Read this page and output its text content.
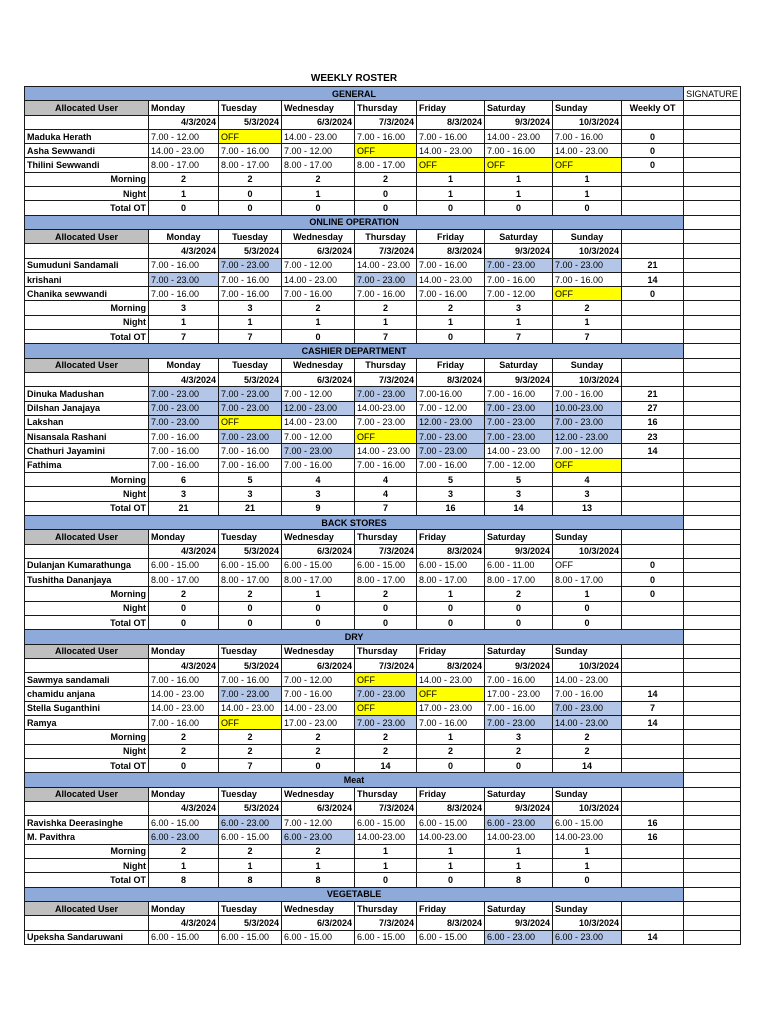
WEEKLY ROSTER
GENERAL									SIGNATURE
Allocated User	Monday	Tuesday	Wednesday	Thursday	Friday	Saturday	Sunday	Weekly OT	
	4/3/2024	5/3/2024	6/3/2024	7/3/2024	8/3/2024	9/3/2024	10/3/2024		
Maduka Herath	7.00 - 12.00	OFF	14.00 - 23.00	7.00 - 16.00	7.00 - 16.00	14.00 - 23.00	7.00 - 16.00	0	
Asha Sewwandi	14.00 - 23.00	7.00 - 16.00	7.00 - 12.00	OFF	14.00 - 23.00	7.00 - 16.00	14.00 - 23.00	0	
Thilini Sewwandi	8.00 - 17.00	8.00 - 17.00	8.00 - 17.00	8.00 - 17.00	OFF	OFF	OFF	0	
Morning	2	2	2	2	1	1	1		
Night	1	0	1	0	1	1	1		
Total OT	0	0	0	0	0	0	0		
ONLINE OPERATION									
Allocated User	Monday	Tuesday	Wednesday	Thursday	Friday	Saturday	Sunday		
	4/3/2024	5/3/2024	6/3/2024	7/3/2024	8/3/2024	9/3/2024	10/3/2024		
Sumuduni Sandamali	7.00 - 16.00	7.00 - 23.00	7.00 - 12.00	14.00 - 23.00	7.00 - 16.00	7.00 - 23.00	7.00 - 23.00	21	
krishani	7.00 - 23.00	7.00 - 16.00	14.00 - 23.00	7.00 - 23.00	14.00 - 23.00	7.00 - 16.00	7.00 - 16.00	14	
Chanika sewwandi	7.00 - 16.00	7.00 - 16.00	7.00 - 16.00	7.00 - 16.00	7.00 - 16.00	7.00 - 12.00	OFF	0	
Morning	3	3	2	2	2	3	2		
Night	1	1	1	1	1	1	1		
Total OT	7	7	0	7	0	7	7		
CASHIER DEPARTMENT									
Allocated User	Monday	Tuesday	Wednesday	Thursday	Friday	Saturday	Sunday		
	4/3/2024	5/3/2024	6/3/2024	7/3/2024	8/3/2024	9/3/2024	10/3/2024		
Dinuka Madushan	7.00 - 23.00	7.00 - 23.00	7.00 - 12.00	7.00 - 23.00	7.00-16.00	7.00 - 16.00	7.00 - 16.00	21	
Dilshan Janajaya	7.00 - 23.00	7.00 - 23.00	12.00 - 23.00	14.00-23.00	7.00 - 12.00	7.00 - 23.00	10.00-23.00	27	
Lakshan	7.00 - 23.00	OFF	14.00 - 23.00	7.00 - 23.00	12.00 - 23.00	7.00 - 23.00	7.00 - 23.00	16	
Nisansala Rashani	7.00 - 16.00	7.00 - 23.00	7.00 - 12.00	OFF	7.00 - 23.00	7.00 - 23.00	12.00 - 23.00	23	
Chathuri Jayamini	7.00 - 16.00	7.00 - 16.00	7.00 - 23.00	14.00 - 23.00	7.00 - 23.00	14.00 - 23.00	7.00 - 12.00	14	
Fathima	7.00 - 16.00	7.00 - 16.00	7.00 - 16.00	7.00 - 16.00	7.00 - 16.00	7.00 - 12.00	OFF		
Morning	6	5	4	4	5	5	4		
Night	3	3	3	4	3	3	3		
Total OT	21	21	9	7	16	14	13		
BACK STORES									
Allocated User	Monday	Tuesday	Wednesday	Thursday	Friday	Saturday	Sunday		
	4/3/2024	5/3/2024	6/3/2024	7/3/2024	8/3/2024	9/3/2024	10/3/2024		
Dulanjan Kumarathunga	6.00 - 15.00	6.00 - 15.00	6.00 - 15.00	6.00 - 15.00	6.00 - 15.00	6.00 - 11.00	OFF	0	
Tushitha Dananjaya	8.00 - 17.00	8.00 - 17.00	8.00 - 17.00	8.00 - 17.00	8.00 - 17.00	8.00 - 17.00	8.00 - 17.00	0	
Morning	2	2	1	2	1	2	1	0	
Night	0	0	0	0	0	0	0		
Total OT	0	0	0	0	0	0	0		
DRY									
Allocated User	Monday	Tuesday	Wednesday	Thursday	Friday	Saturday	Sunday		
	4/3/2024	5/3/2024	6/3/2024	7/3/2024	8/3/2024	9/3/2024	10/3/2024		
Sawmya sandamali	7.00 - 16.00	7.00 - 16.00	7.00 - 12.00	OFF	14.00 - 23.00	7.00 - 16.00	14.00 - 23.00		
chamidu anjana	14.00 - 23.00	7.00 - 23.00	7.00 - 16.00	7.00 - 23.00	OFF	17.00 - 23.00	7.00 - 16.00	14	
Stella Suganthini	14.00 - 23.00	14.00 - 23.00	14.00 - 23.00	OFF	17.00 - 23.00	7.00 - 16.00	7.00 - 23.00	7	
Ramya	7.00 - 16.00	OFF	17.00 - 23.00	7.00 - 23.00	7.00 - 16.00	7.00 - 23.00	14.00 - 23.00	14	
Morning	2	2	2	2	1	3	2		
Night	2	2	2	2	2	2	2		
Total OT	0	7	0	14	0	0	14		
Meat									
Allocated User	Monday	Tuesday	Wednesday	Thursday	Friday	Saturday	Sunday		
	4/3/2024	5/3/2024	6/3/2024	7/3/2024	8/3/2024	9/3/2024	10/3/2024		
Ravishka Deerasinghe	6.00 - 15.00	6.00 - 23.00	7.00 - 12.00	6.00 - 15.00	6.00 - 15.00	6.00 - 23.00	6.00 - 15.00	16	
M. Pavithra	6.00 - 23.00	6.00 - 15.00	6.00 - 23.00	14.00-23.00	14.00-23.00	14.00-23.00	14.00-23.00	16	
Morning	2	2	2	1	1	1	1		
Night	1	1	1	1	1	1	1		
Total OT	8	8	8	0	0	8	0		
VEGETABLE									
Allocated User	Monday	Tuesday	Wednesday	Thursday	Friday	Saturday	Sunday		
	4/3/2024	5/3/2024	6/3/2024	7/3/2024	8/3/2024	9/3/2024	10/3/2024		
Upeksha Sandaruwani	6.00 - 15.00	6.00 - 15.00	6.00 - 15.00	6.00 - 15.00	6.00 - 15.00	6.00 - 23.00	6.00 - 23.00	14	
